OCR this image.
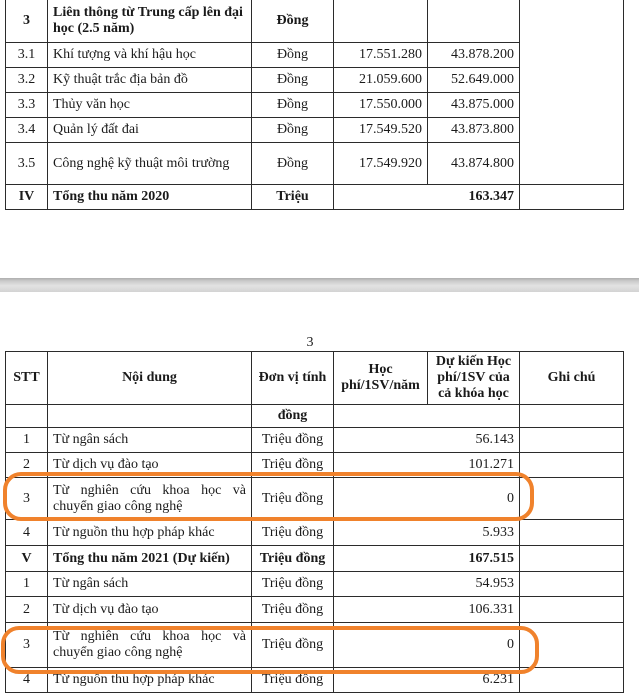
3	Liên thông từ Trung cấp lên đại học (2.5 năm)	Đồng			
3.1	Khí tượng và khí hậu học	Đồng	17.551.280	43.878.200	
3.2	Kỹ thuật trắc địa bản đồ	Đồng	21.059.600	52.649.000	
3.3	Thủy văn học	Đồng	17.550.000	43.875.000	
3.4	Quản lý đất đai	Đồng	17.549.520	43.873.800	
3.5	Công nghệ kỹ thuật môi trường	Đồng	17.549.920	43.874.800	
IV	Tổng thu năm 2020	Triệu	163.347		
3
STT	Nội dung	Đơn vị tính	Học phí/1SV/năm	Dự kiến Học phí/1SV của cả khóa học	Ghi chú
		đồng			
1	Từ ngân sách	Triệu đồng	56.143		
2	Từ dịch vụ đào tạo	Triệu đồng	101.271		
3	Từ nghiên cứu khoa học và chuyển giao công nghệ	Triệu đồng	0		
4	Từ nguồn thu hợp pháp khác	Triệu đồng	5.933		
V	Tổng thu năm 2021 (Dự kiến)	Triệu đồng	167.515		
1	Từ ngân sách	Triệu đồng	54.953		
2	Từ dịch vụ đào tạo	Triệu đồng	106.331		
3	Từ nghiên cứu khoa học và chuyển giao công nghệ	Triệu đồng	0		
4	Từ nguồn thu hợp pháp khác	Triệu đồng	6.231		
